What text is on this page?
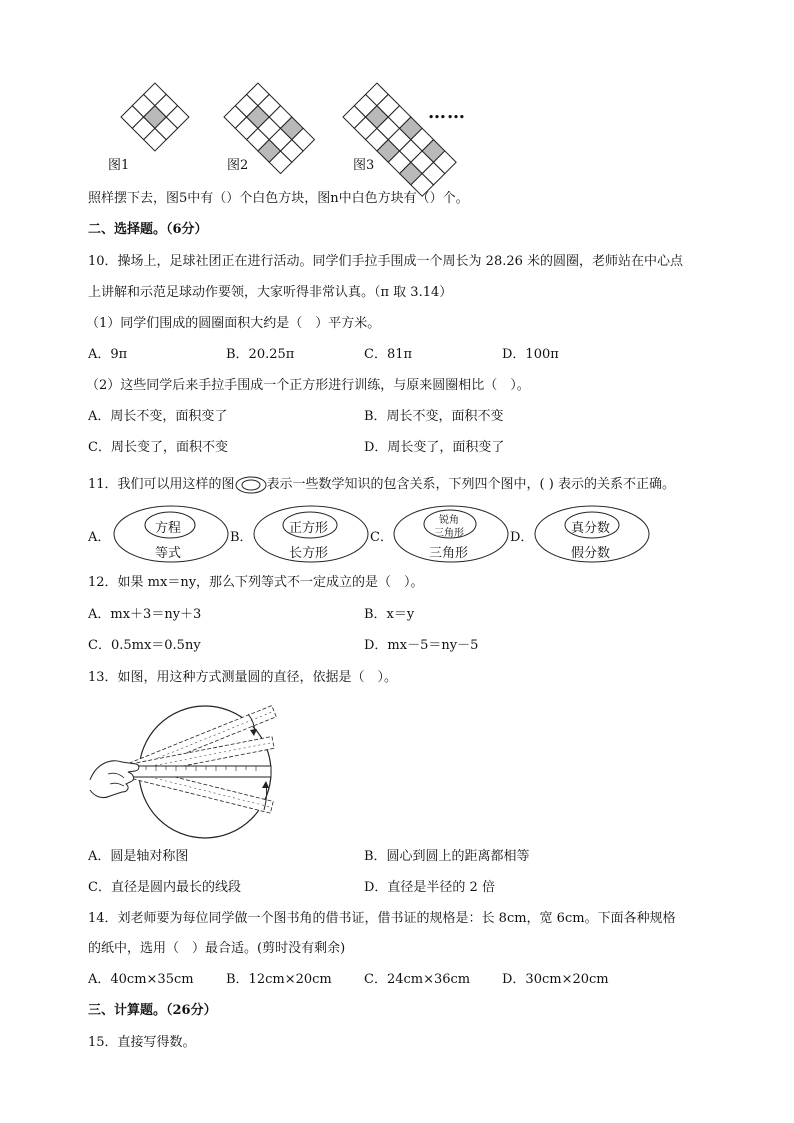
……
图1	图2	图3
照样摆下去，图5中有（）个白色方块，图n中白色方块有（）个。
二、选择题。（6分）
10．操场上，足球社团正在进行活动。同学们手拉手围成一个周长为 28.26 米的圆圈，老师站在中心点
上讲解和示范足球动作要领，大家听得非常认真。（π 取 3.14）
（1）同学们围成的圆圈面积大约是（　）平方米。
A．9π	B．20.25π	C．81π	D．100π
（2）这些同学后来手拉手围成一个正方形进行训练，与原来圆圈相比（　）。
A．周长不变，面积变了	B．周长不变，面积不变
C．周长变了，面积不变	D．周长变了，面积变了
11．我们可以用这样的图 表示一些数学知识的包含关系，下列四个图中，( ) 表示的关系不正确。
A．
方程
等式
B．
正方形
长方形
C．
锐角
三角形
三角形
D．
真分数
假分数
12．如果 mx＝ny，那么下列等式不一定成立的是（　）。
A．mx＋3＝ny＋3	B．x＝y
C．0.5mx＝0.5ny	D．mx－5＝ny－5
13．如图，用这种方式测量圆的直径，依据是（　）。
A．圆是轴对称图	B．圆心到圆上的距离都相等
C．直径是圆内最长的线段	D．直径是半径的 2 倍
14．刘老师要为每位同学做一个图书角的借书证，借书证的规格是：长 8cm，宽 6cm。下面各种规格
的纸中，选用（　）最合适。(剪时没有剩余)
A．40cm×35cm B．12cm×20cm C．24cm×36cm D．30cm×20cm
三、计算题。（26分）
15．直接写得数。
